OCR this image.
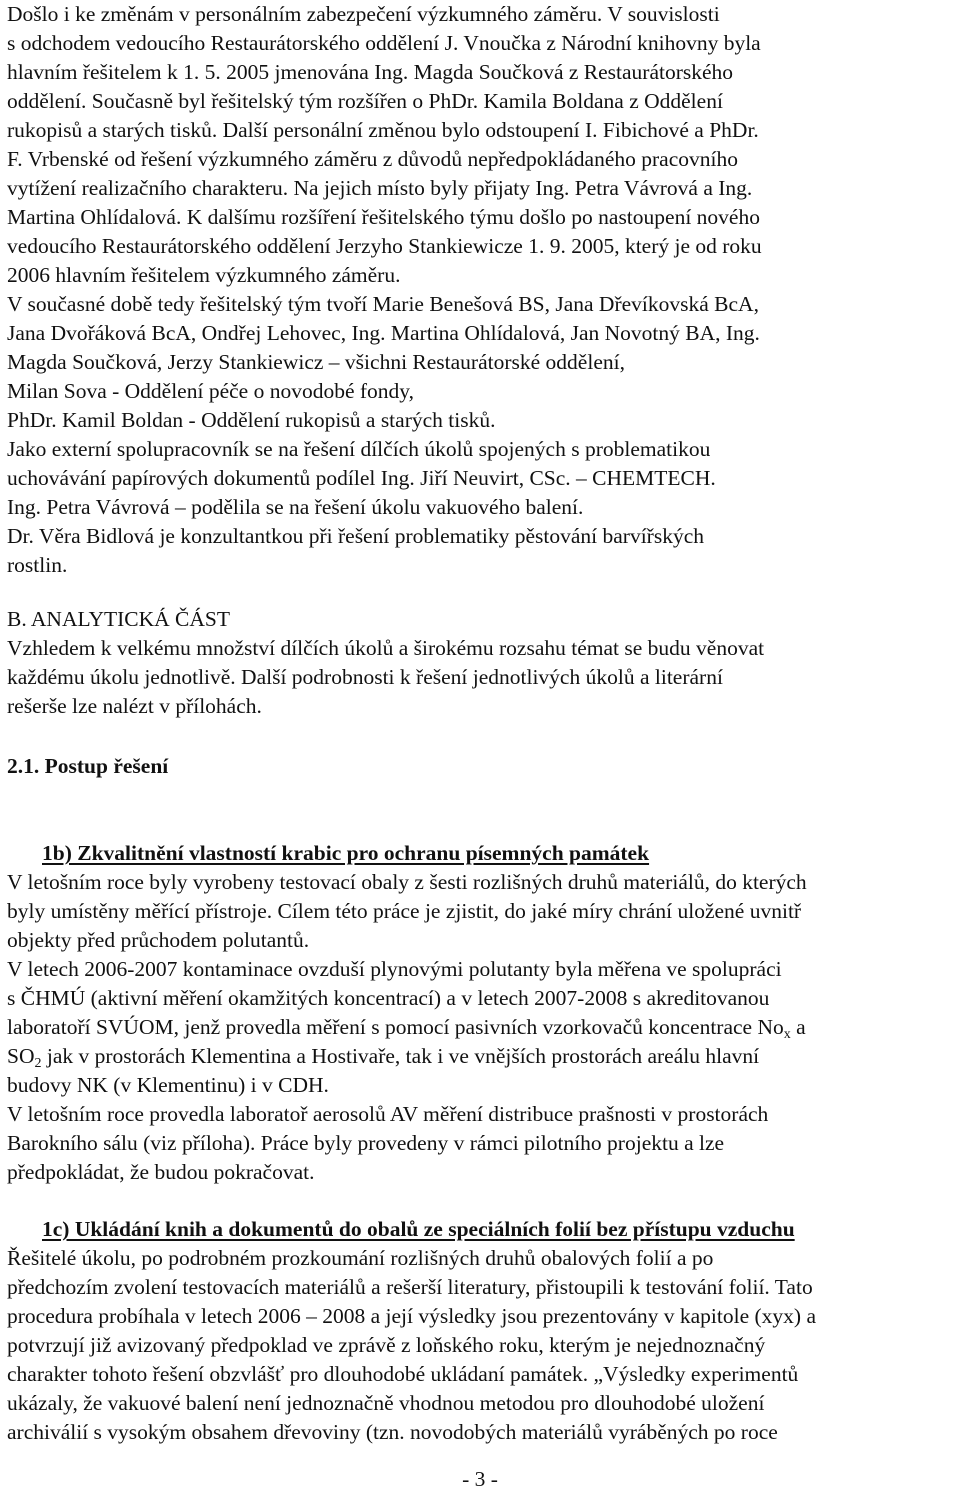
Došlo i ke změnám v personálním zabezpečení výzkumného záměru. V souvislosti
s odchodem vedoucího Restaurátorského oddělení J. Vnoučka z Národní knihovny byla
hlavním řešitelem k 1. 5. 2005 jmenována Ing. Magda Součková z Restaurátorského
oddělení. Současně byl řešitelský tým rozšířen o PhDr. Kamila Boldana z Oddělení
rukopisů a starých tisků. Další personální změnou bylo odstoupení I. Fibichové a PhDr.
F. Vrbenské od řešení výzkumného záměru z důvodů nepředpokládaného pracovního
vytížení realizačního charakteru. Na jejich místo byly přijaty Ing. Petra Vávrová a Ing.
Martina Ohlídalová. K dalšímu rozšíření řešitelského týmu došlo po nastoupení nového
vedoucího Restaurátorského oddělení Jerzyho Stankiewicze 1. 9. 2005, který je od roku
2006 hlavním řešitelem výzkumného záměru.
V současné době tedy řešitelský tým tvoří Marie Benešová BS, Jana Dřevíkovská BcA,
Jana Dvořáková BcA, Ondřej Lehovec, Ing. Martina Ohlídalová, Jan Novotný BA, Ing.
Magda Součková, Jerzy Stankiewicz – všichni Restaurátorské oddělení,
Milan Sova - Oddělení péče o novodobé fondy,
PhDr. Kamil Boldan - Oddělení rukopisů a starých tisků.
Jako externí spolupracovník se na řešení dílčích úkolů spojených s problematikou
uchovávání papírových dokumentů podílel Ing. Jiří Neuvirt, CSc. – CHEMTECH.
Ing. Petra Vávrová – podělila se na řešení úkolu vakuového balení.
Dr. Věra Bidlová je konzultantkou při řešení problematiky pěstování barvířských
rostlin.
B. ANALYTICKÁ ČÁST
Vzhledem k velkému množství dílčích úkolů a širokému rozsahu témat se budu věnovat
každému úkolu jednotlivě. Další podrobnosti k řešení jednotlivých úkolů a literární
rešerše lze nalézt v přílohách.
2.1. Postup řešení
1b) Zkvalitnění vlastností krabic pro ochranu písemných památek
V letošním roce byly vyrobeny testovací obaly z šesti rozlišných druhů materiálů, do kterých
byly umístěny měřící přístroje. Cílem této práce je zjistit, do jaké míry chrání uložené uvnitř
objekty před průchodem polutantů.
V letech 2006-2007 kontaminace ovzduší plynovými polutanty byla měřena ve spolupráci
s ČHMÚ (aktivní měření okamžitých koncentrací) a v letech 2007-2008 s akreditovanou
laboratoří SVÚOM, jenž provedla měření s pomocí pasivních vzorkovačů koncentrace $No_x$ a
$SO_2$ jak v prostorách Klementina a Hostivaře, tak i ve vnějších prostorách areálu hlavní
budovy NK (v Klementinu) i v CDH.
V letošním roce provedla laboratoř aerosolů AV měření distribuce prašnosti v prostorách
Barokního sálu (viz příloha). Práce byly provedeny v rámci pilotního projektu a lze
předpokládat, že budou pokračovat.
1c) Ukládání knih a dokumentů do obalů ze speciálních folií bez přístupu vzduchu
Řešitelé úkolu, po podrobném prozkoumání rozlišných druhů obalových folií a po
předchozím zvolení testovacích materiálů a rešerší literatury, přistoupili k testování folií. Tato
procedura probíhala v letech 2006 – 2008 a její výsledky jsou prezentovány v kapitole (xyx) a
potvrzují již avizovaný předpoklad ve zprávě z loňského roku, kterým je nejednoznačný
charakter tohoto řešení obzvlášť pro dlouhodobé ukládaní památek. „Výsledky experimentů
ukázaly, že vakuové balení není jednoznačně vhodnou metodou pro dlouhodobé uložení
archiválií s vysokým obsahem dřevoviny (tzn. novodobých materiálů vyráběných po roce
- 3 -
